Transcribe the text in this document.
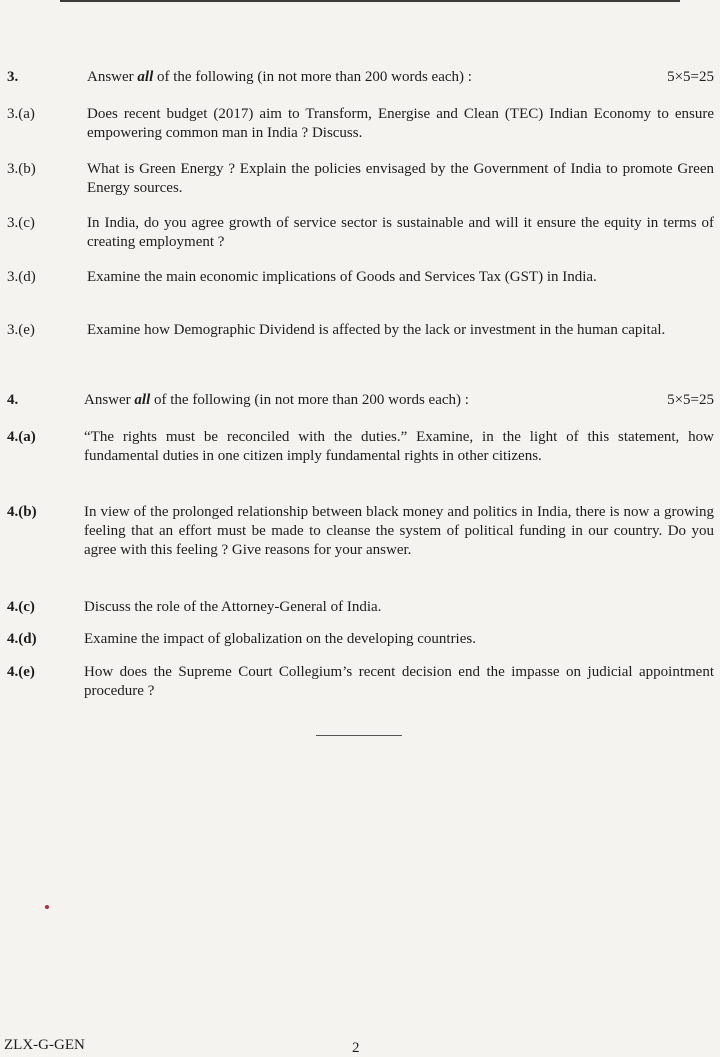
3.	Answer all of the following (in not more than 200 words each) :	5×5=25
3.(a)	Does recent budget (2017) aim to Transform, Energise and Clean (TEC) Indian Economy to ensure empowering common man in India ? Discuss.
3.(b)	What is Green Energy ? Explain the policies envisaged by the Government of India to promote Green Energy sources.
3.(c)	In India, do you agree growth of service sector is sustainable and will it ensure the equity in terms of creating employment ?
3.(d)	Examine the main economic implications of Goods and Services Tax (GST) in India.
3.(e)	Examine how Demographic Dividend is affected by the lack or investment in the human capital.
4.	Answer all of the following (in not more than 200 words each) :	5×5=25
4.(a)	“The rights must be reconciled with the duties.” Examine, in the light of this statement, how fundamental duties in one citizen imply fundamental rights in other citizens.
4.(b)	In view of the prolonged relationship between black money and politics in India, there is now a growing feeling that an effort must be made to cleanse the system of political funding in our country. Do you agree with this feeling ? Give reasons for your answer.
4.(c)	Discuss the role of the Attorney-General of India.
4.(d)	Examine the impact of globalization on the developing countries.
4.(e)	How does the Supreme Court Collegium’s recent decision end the impasse on judicial appointment procedure ?
ZLX-G-GEN	2
